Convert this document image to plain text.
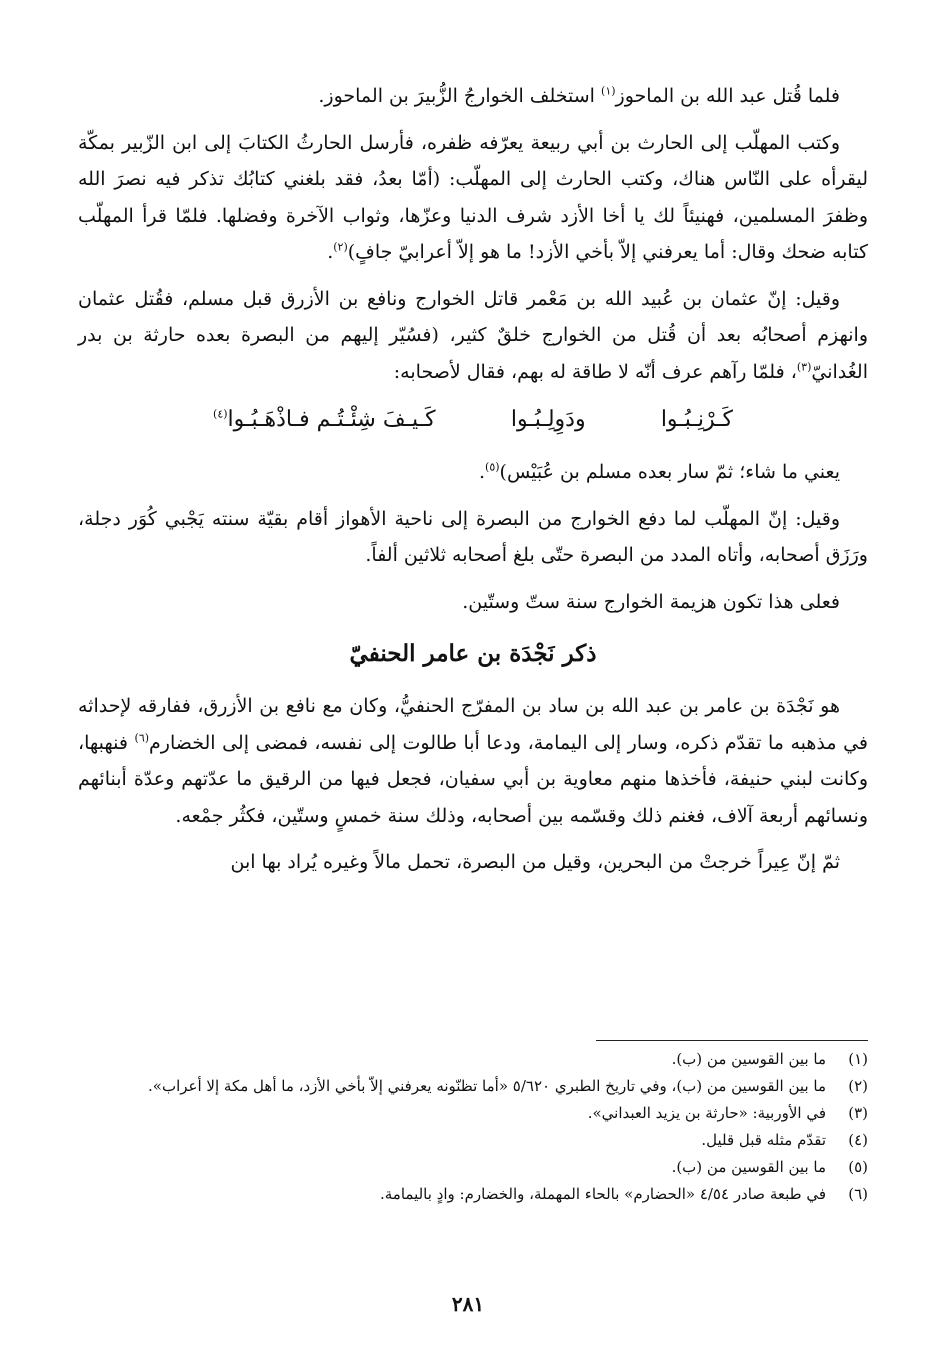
فلما قُتل عبد الله بن الماحوز$^{(١)}$ استخلف الخوارجُ الزُّبيرَ بن الماحوز.

وكتب المهلّب إلى الحارث بن أبي ربيعة يعرّفه ظفره، فأرسل الحارثُ الكتابَ إلى ابن الزّبير بمكّة ليقرأه على النّاس هناك، وكتب الحارث إلى المهلّب: (أمّا بعدُ، فقد بلغني كتابُك تذكر فيه نصرَ الله وظفرَ المسلمين، فهنيئاً لك يا أخا الأزد شرف الدنيا وعزّها، وثواب الآخرة وفضلها. فلمّا قرأ المهلّب كتابه ضحك وقال: أما يعرفني إلاّ بأخي الأزد! ما هو إلاّ أعرابيّ جافٍ)$^{(٢)}$.

وقيل: إنّ عثمان بن عُبيد الله بن مَعْمر قاتل الخوارج ونافع بن الأزرق قبل مسلم، فقُتل عثمان وانهزم أصحابُه بعد أن قُتل من الخوارج خلقٌ كثير، (فسُيّر إليهم من البصرة بعده حارثة بن بدر الغُدانيّ$^{(٣)}$، فلمّا رآهم عرف أنّه لا طاقة له بهم، فقال لأصحابه:

كَـرْنِـبُـوا
ودَوِلِـبُـوا
كَـيـفَ شِئْـتُـم فـاذْهَـبُـوا$^{(٤)}$

يعني ما شاء؛ ثمّ سار بعده مسلم بن عُبَيْس)$^{(٥)}$.

وقيل: إنّ المهلّب لما دفع الخوارج من البصرة إلى ناحية الأهواز أقام بقيّة سنته يَجْبي كُوَر دجلة، ورَزَق أصحابه، وأتاه المدد من البصرة حتّى بلغ أصحابه ثلاثين ألفاً.

فعلى هذا تكون هزيمة الخوارج سنة ستّ وستّين.

ذكر نَجْدَة بن عامر الحنفيّ

هو نَجْدَة بن عامر بن عبد الله بن ساد بن المفرّج الحنفيُّ، وكان مع نافع بن الأزرق، ففارقه لإحداثه في مذهبه ما تقدّم ذكره، وسار إلى اليمامة، ودعا أبا طالوت إلى نفسه، فمضى إلى الخضارم$^{(٦)}$ فنهبها، وكانت لبني حنيفة، فأخذها منهم معاوية بن أبي سفيان، فجعل فيها من الرقيق ما عدّتهم وعدّة أبنائهم ونسائهم أربعة آلاف، فغنم ذلك وقسّمه بين أصحابه، وذلك سنة خمسٍ وستّين، فكثُر جمْعه.

ثمّ إنّ عِيراً خرجتْ من البحرين، وقيل من البصرة، تحمل مالاً وغيره يُراد بها ابن

(١)
ما بين القوسين من (ب).
(٢)
ما بين القوسين من (ب)، وفي تاريخ الطبري ٥/٦٢٠ «أما تظنّونه يعرفني إلاّ بأخي الأزد، ما أهل مكة إلا أعراب».
(٣)
في الأوربية: «حارثة بن يزيد العبداني».
(٤)
تقدّم مثله قبل قليل.
(٥)
ما بين القوسين من (ب).
(٦)
في طبعة صادر ٤/٥٤ «الحضارم» بالحاء المهملة، والخضارم: وادٍ باليمامة.
٢٨١
